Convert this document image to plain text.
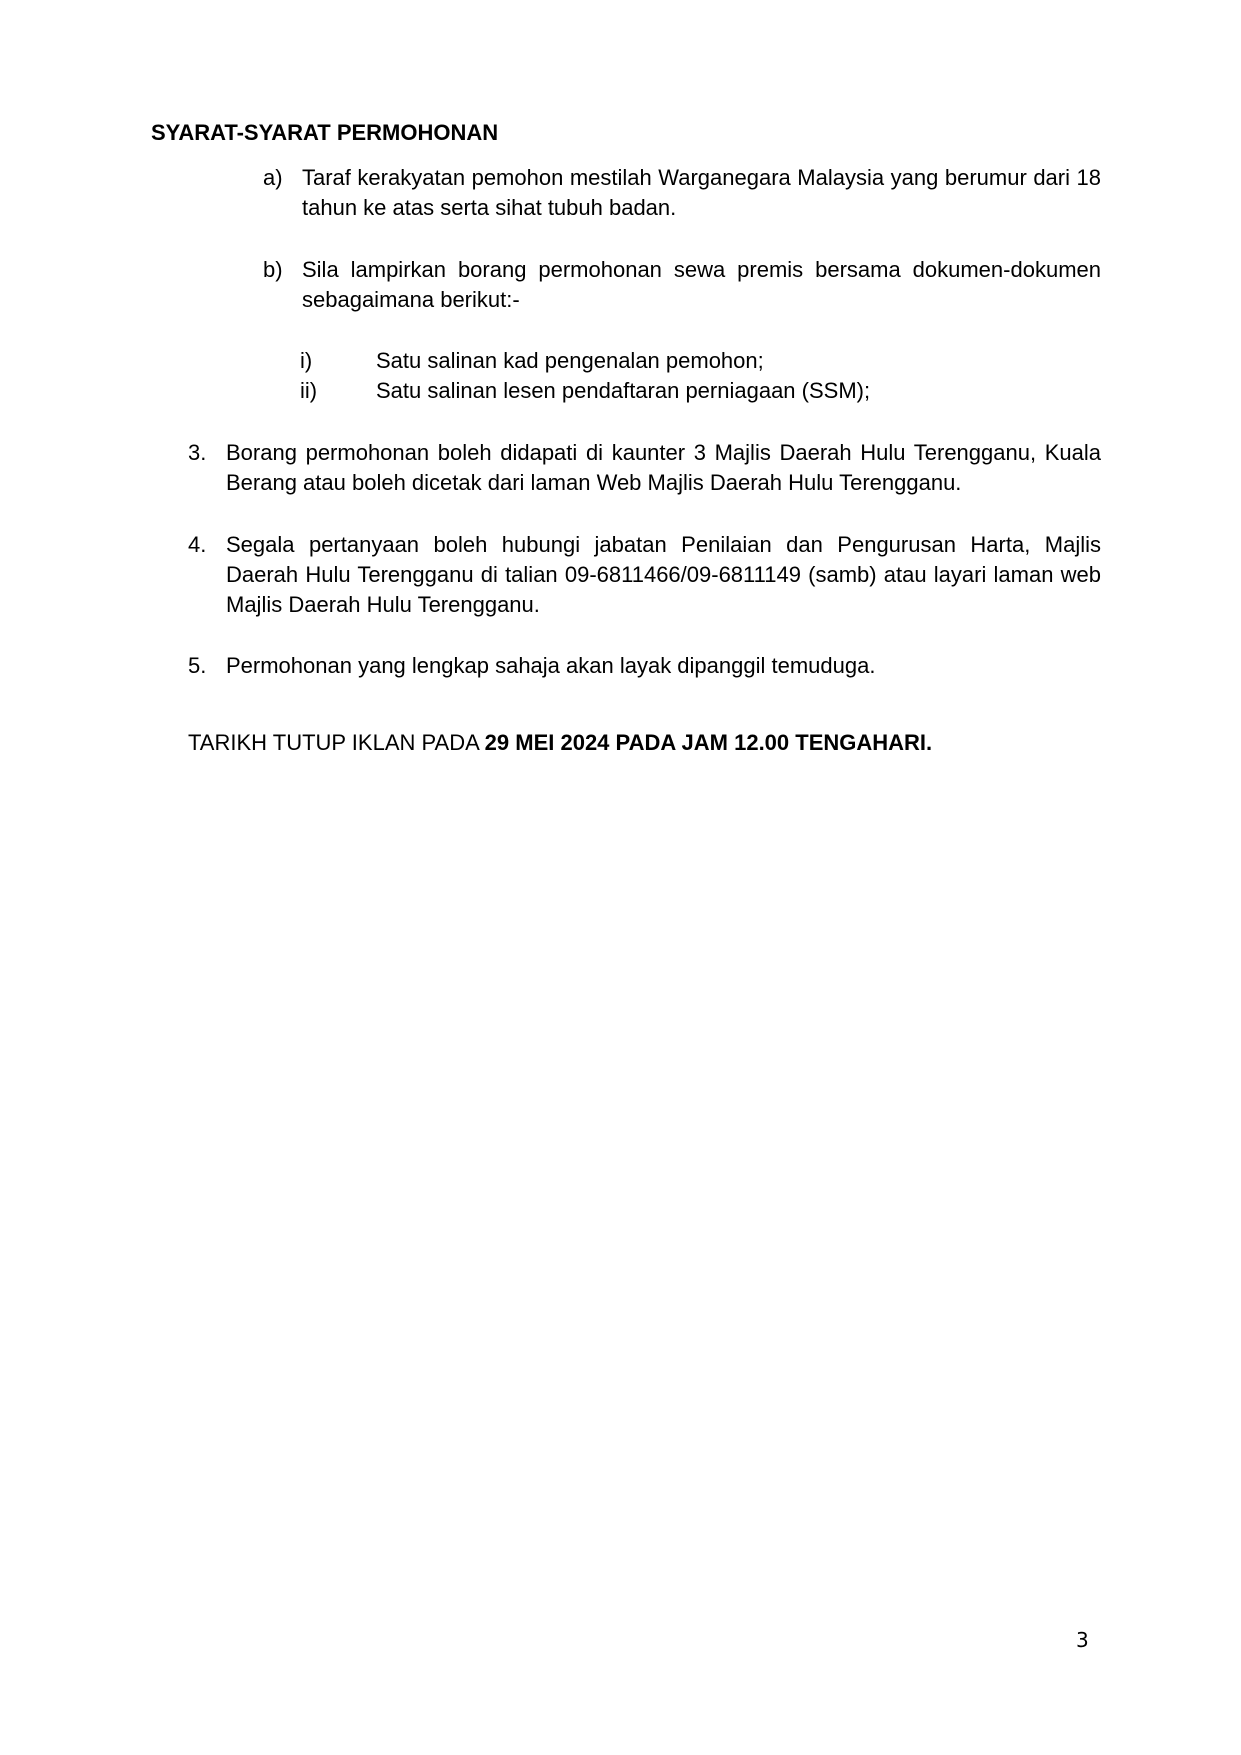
SYARAT-SYARAT PERMOHONAN
a) Taraf kerakyatan pemohon mestilah Warganegara Malaysia yang berumur dari 18 tahun ke atas serta sihat tubuh badan.
b) Sila lampirkan borang permohonan sewa premis bersama dokumen-dokumen sebagaimana berikut:-
i)	Satu salinan kad pengenalan pemohon;
ii)	Satu salinan lesen pendaftaran perniagaan (SSM);
3. Borang permohonan boleh didapati di kaunter 3 Majlis Daerah Hulu Terengganu, Kuala Berang atau boleh dicetak dari laman Web Majlis Daerah Hulu Terengganu.
4. Segala pertanyaan boleh hubungi jabatan Penilaian dan Pengurusan Harta, Majlis Daerah Hulu Terengganu di talian 09-6811466/09-6811149 (samb) atau layari laman web Majlis Daerah Hulu Terengganu.
5. Permohonan yang lengkap sahaja akan layak dipanggil temuduga.
TARIKH TUTUP IKLAN PADA 29 MEI 2024 PADA JAM 12.00 TENGAHARI.
3
